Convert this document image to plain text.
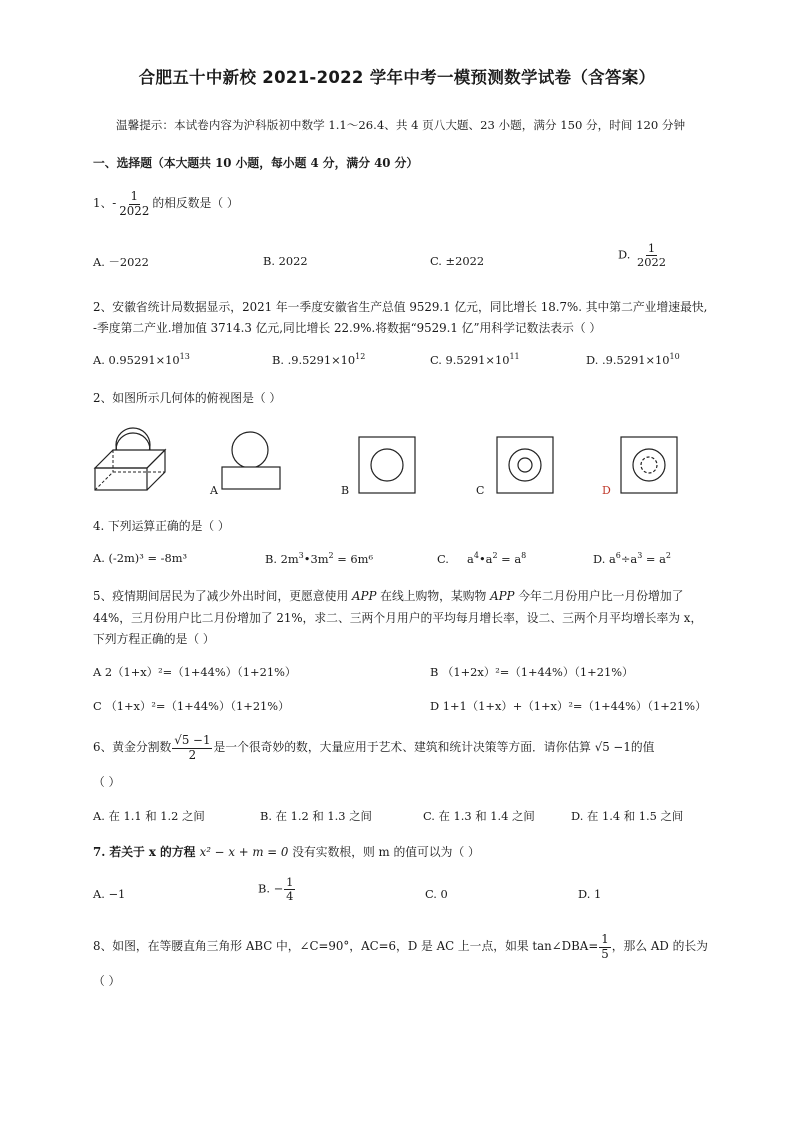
合肥五十中新校 2021-2022 学年中考一模预测数学试卷（含答案）
温馨提示：本试卷内容为沪科版初中数学 1.1～26.4、共 4 页八大题、23 小题，满分 150 分，时间 120 分钟
一、选择题（本大题共 10 小题，每小题 4 分，满分 40 分）
1、- $\frac{1}{2022}$ 的相反数是（ ）
A. －2022	B. 2022	C. ±2022	D. $\frac{1}{2022}$
2、安徽省统计局数据显示，2021 年一季度安徽省生产总值 9529.1 亿元，同比增长 18.7%. 其中第二产业增速最快,
-季度第二产业.增加值 3714.3 亿元,同比增长 22.9%.将数据“9529.1 亿”用科学记数法表示（ ）
A. $0.95291\times 10^{13}$	B. $.9.5291\times 10^{12}$	C. $9.5291\times 10^{11}$	D. $.9.5291\times 10^{10}$
2、如图所示几何体的俯视图是（ ）
A	B	C	D
4. 下列运算正确的是（ ）
A. (-2m)³ = -8m³	B. $2m^3•3m^2 = 6m^6$	C. $a^4•a^2 = a^8$	D. $a^6\div a^3 = a^2$
5、疫情期间居民为了减少外出时间，更愿意使用 APP 在线上购物，某购物 APP 今年二月份用户比一月份增加了
44%，三月份用户比二月份增加了 21%，求二、三两个月用户的平均每月增长率，设二、三两个月平均增长率为 x，
下列方程正确的是（ ）
A 2（1+x）²=（1+44%）（1+21%）	B （1+2x）²=（1+44%）（1+21%）
C （1+x）²=（1+44%）（1+21%）	D 1+1（1+x）+（1+x）²=（1+44%）（1+21%）
6、黄金分割数 $\frac{√5 -1}{2}$ 是一个很奇妙的数，大量应用于艺术、建筑和统计决策等方面．请你估算 √5 −1的值
（ ）
A. 在 1.1 和 1.2 之间	B. 在 1.2 和 1.3 之间	C. 在 1.3 和 1.4 之间	D. 在 1.4 和 1.5 之间
7. 若关于 x 的方程 x² − x + m = 0 没有实数根，则 m 的值可以为（ ）
A. −1	B. − $\frac{1}{4}$	C. 0	D. 1
8、如图，在等腰直角三角形 ABC 中，∠C=90°，AC=6，D 是 AC 上一点，如果 tan∠DBA= $\frac{1}{5}$ ，那么 AD 的长为
（ ）
